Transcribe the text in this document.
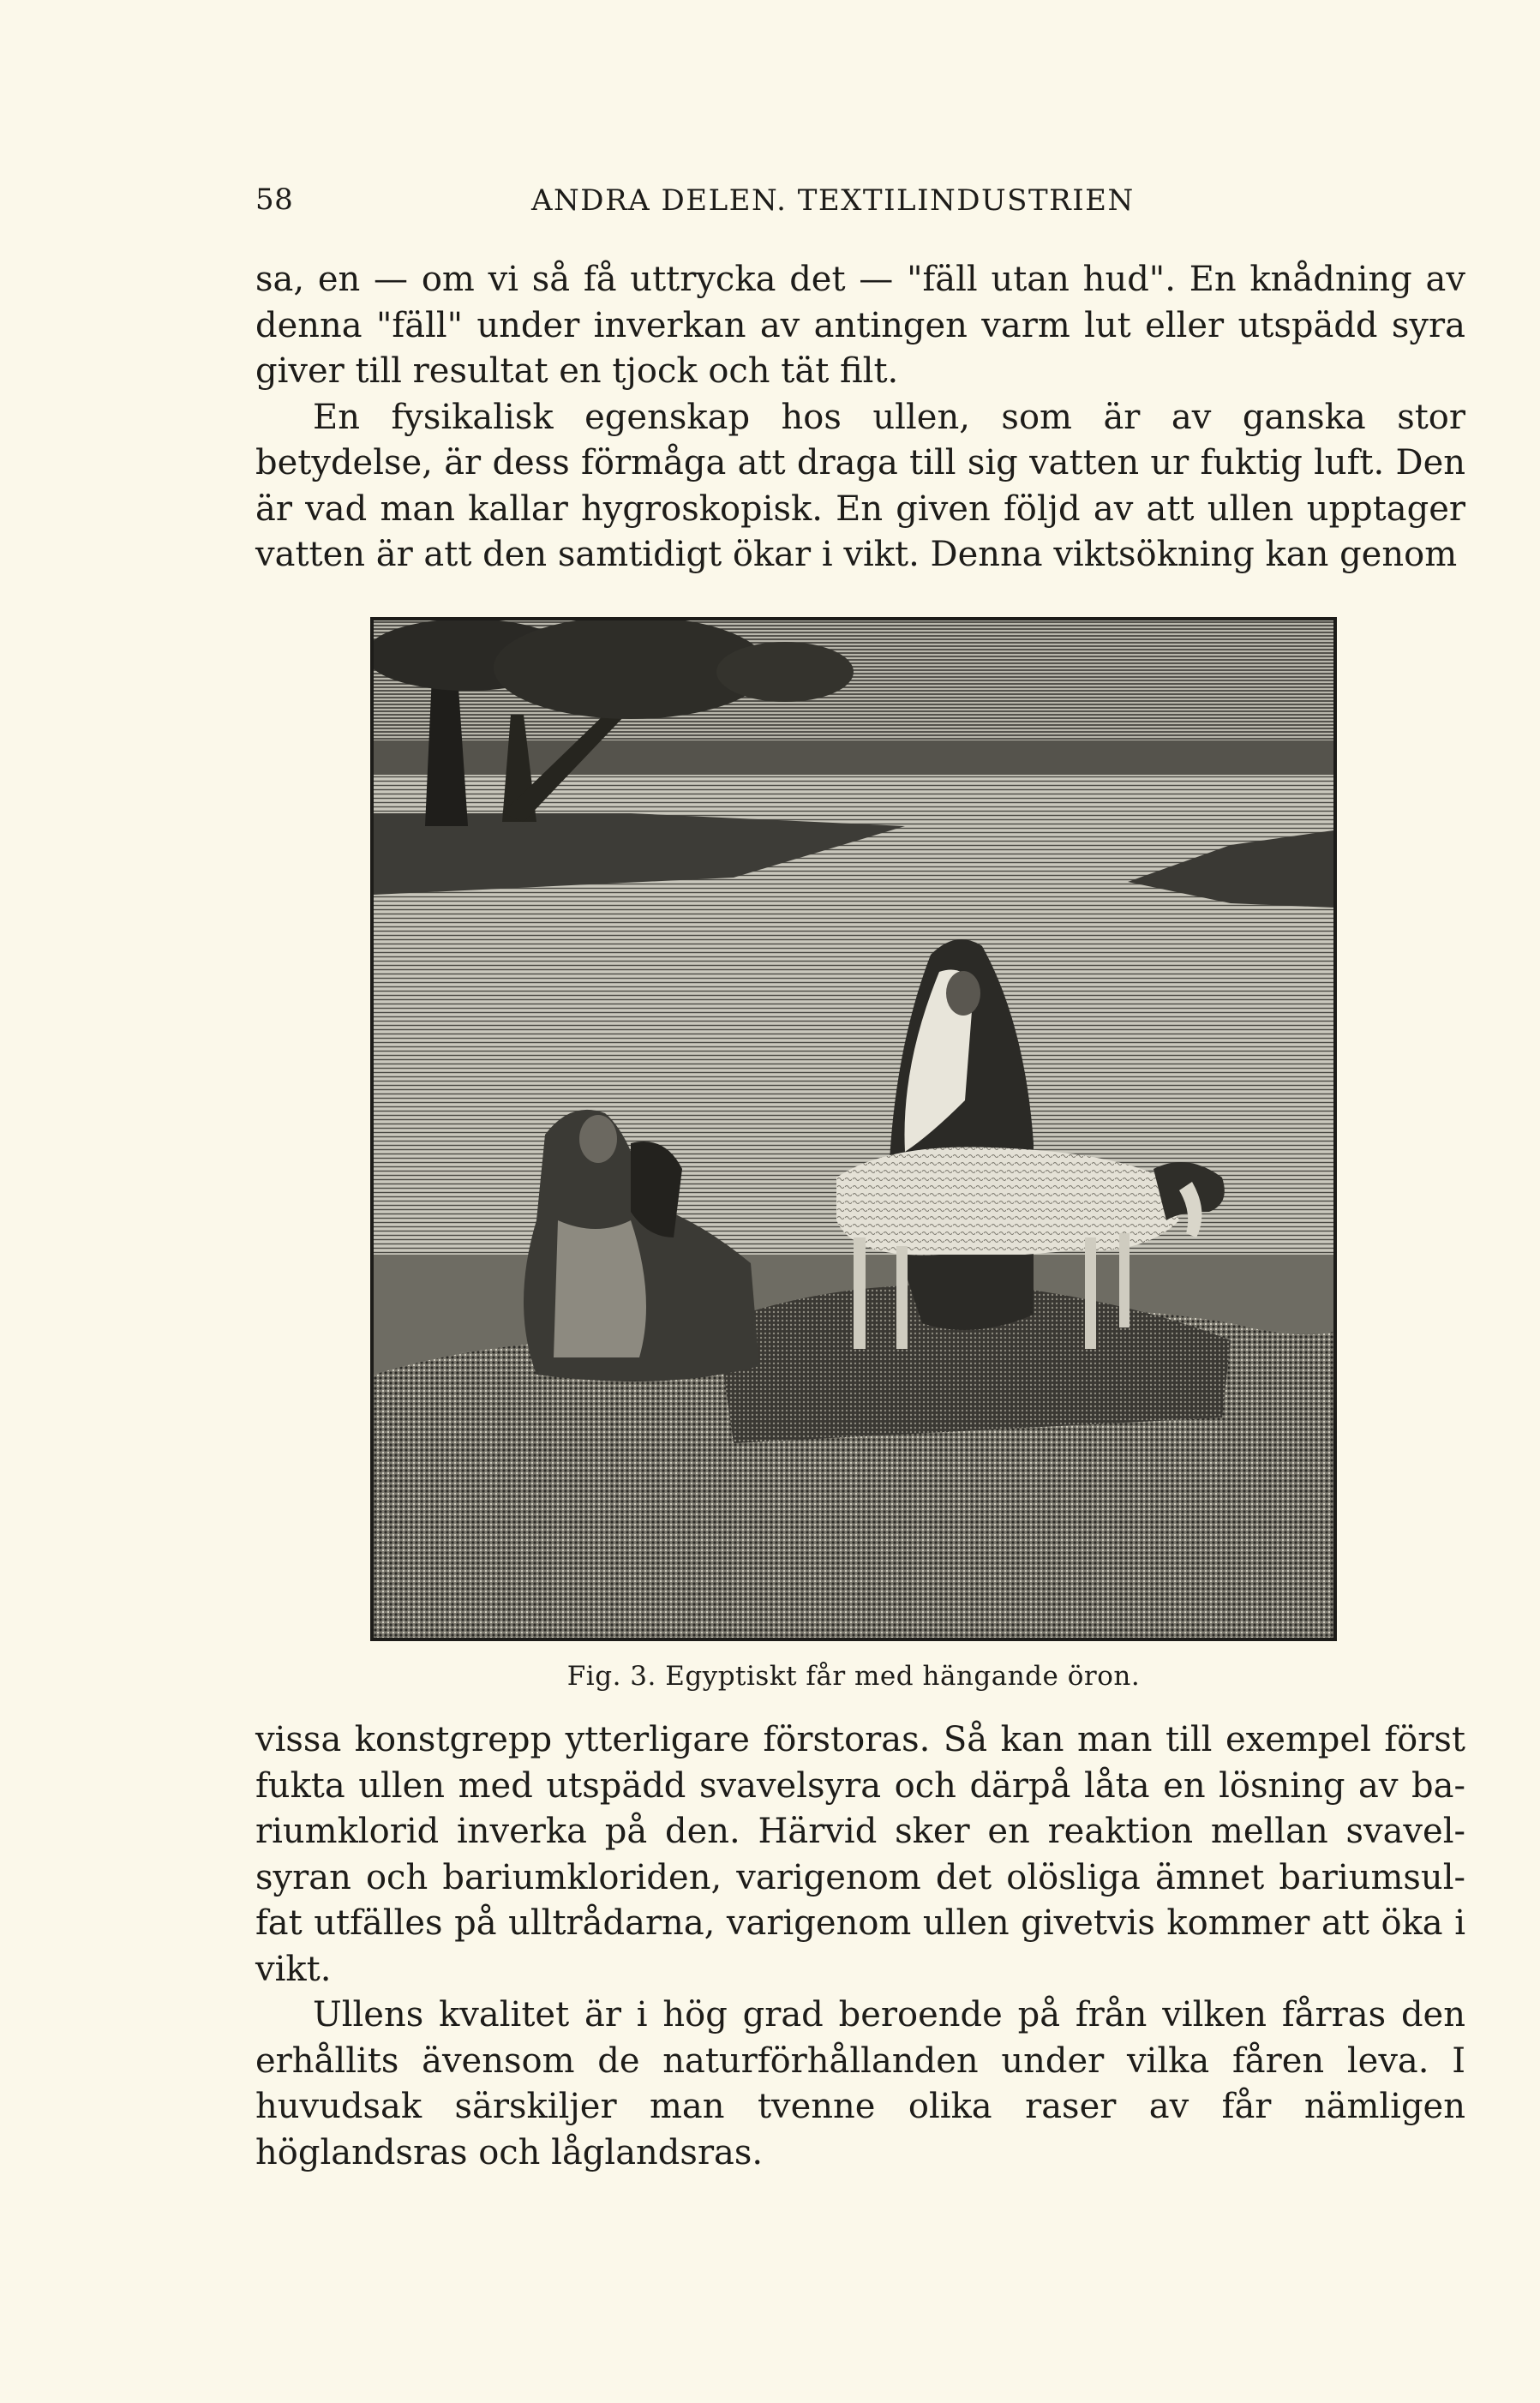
58	ANDRA DELEN. TEXTILINDUSTRIEN

sa, en — om vi så få uttrycka det — "fäll utan hud". En knådning av denna "fäll" under inverkan av antingen varm lut eller utspädd syra giver till resultat en tjock och tät filt.

En fysikalisk egenskap hos ullen, som är av ganska stor betydelse, är dess förmåga att draga till sig vatten ur fuktig luft. Den är vad man kallar hygroskopisk. En given följd av att ullen upptager vatten är att den samtidigt ökar i vikt. Denna viktsökning kan genom

Fig. 3. Egyptiskt får med hängande öron.

vissa konstgrepp ytterligare förstoras. Så kan man till exempel först fukta ullen med utspädd svavelsyra och därpå låta en lösning av bariumklorid inverka på den. Härvid sker en reaktion mellan svavelsyran och bariumkloriden, varigenom det olösliga ämnet bariumsulfat utfälles på ulltrådarna, varigenom ullen givetvis kommer att öka i vikt.

Ullens kvalitet är i hög grad beroende på från vilken fårras den erhållits ävensom de naturförhållanden under vilka fåren leva. I huvudsak särskiljer man tvenne olika raser av får nämligen höglandsras och låglandsras.
